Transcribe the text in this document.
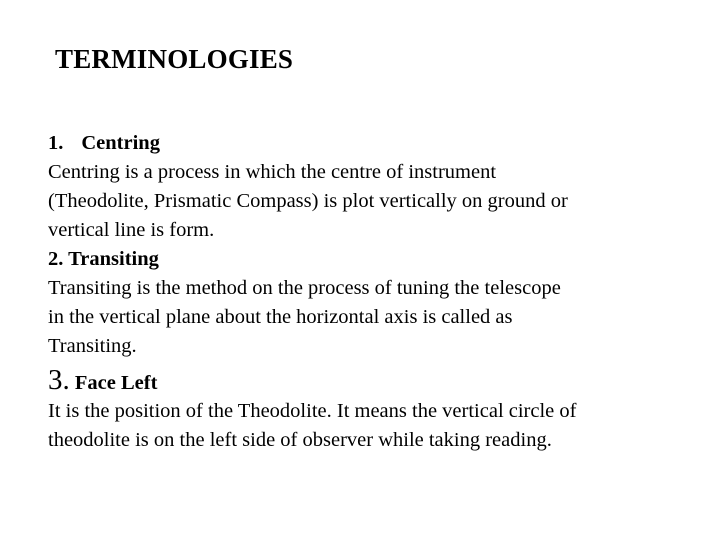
TERMINOLOGIES
1. Centring
Centring is a process in which the centre of instrument
(Theodolite, Prismatic Compass) is plot vertically on ground or
vertical line is form.
2. Transiting
Transiting is the method on the process of tuning the telescope
in the vertical plane about the horizontal axis is called as
Transiting.
3. Face Left
It is the position of the Theodolite. It means the vertical circle of
theodolite is on the left side of observer while taking reading.
